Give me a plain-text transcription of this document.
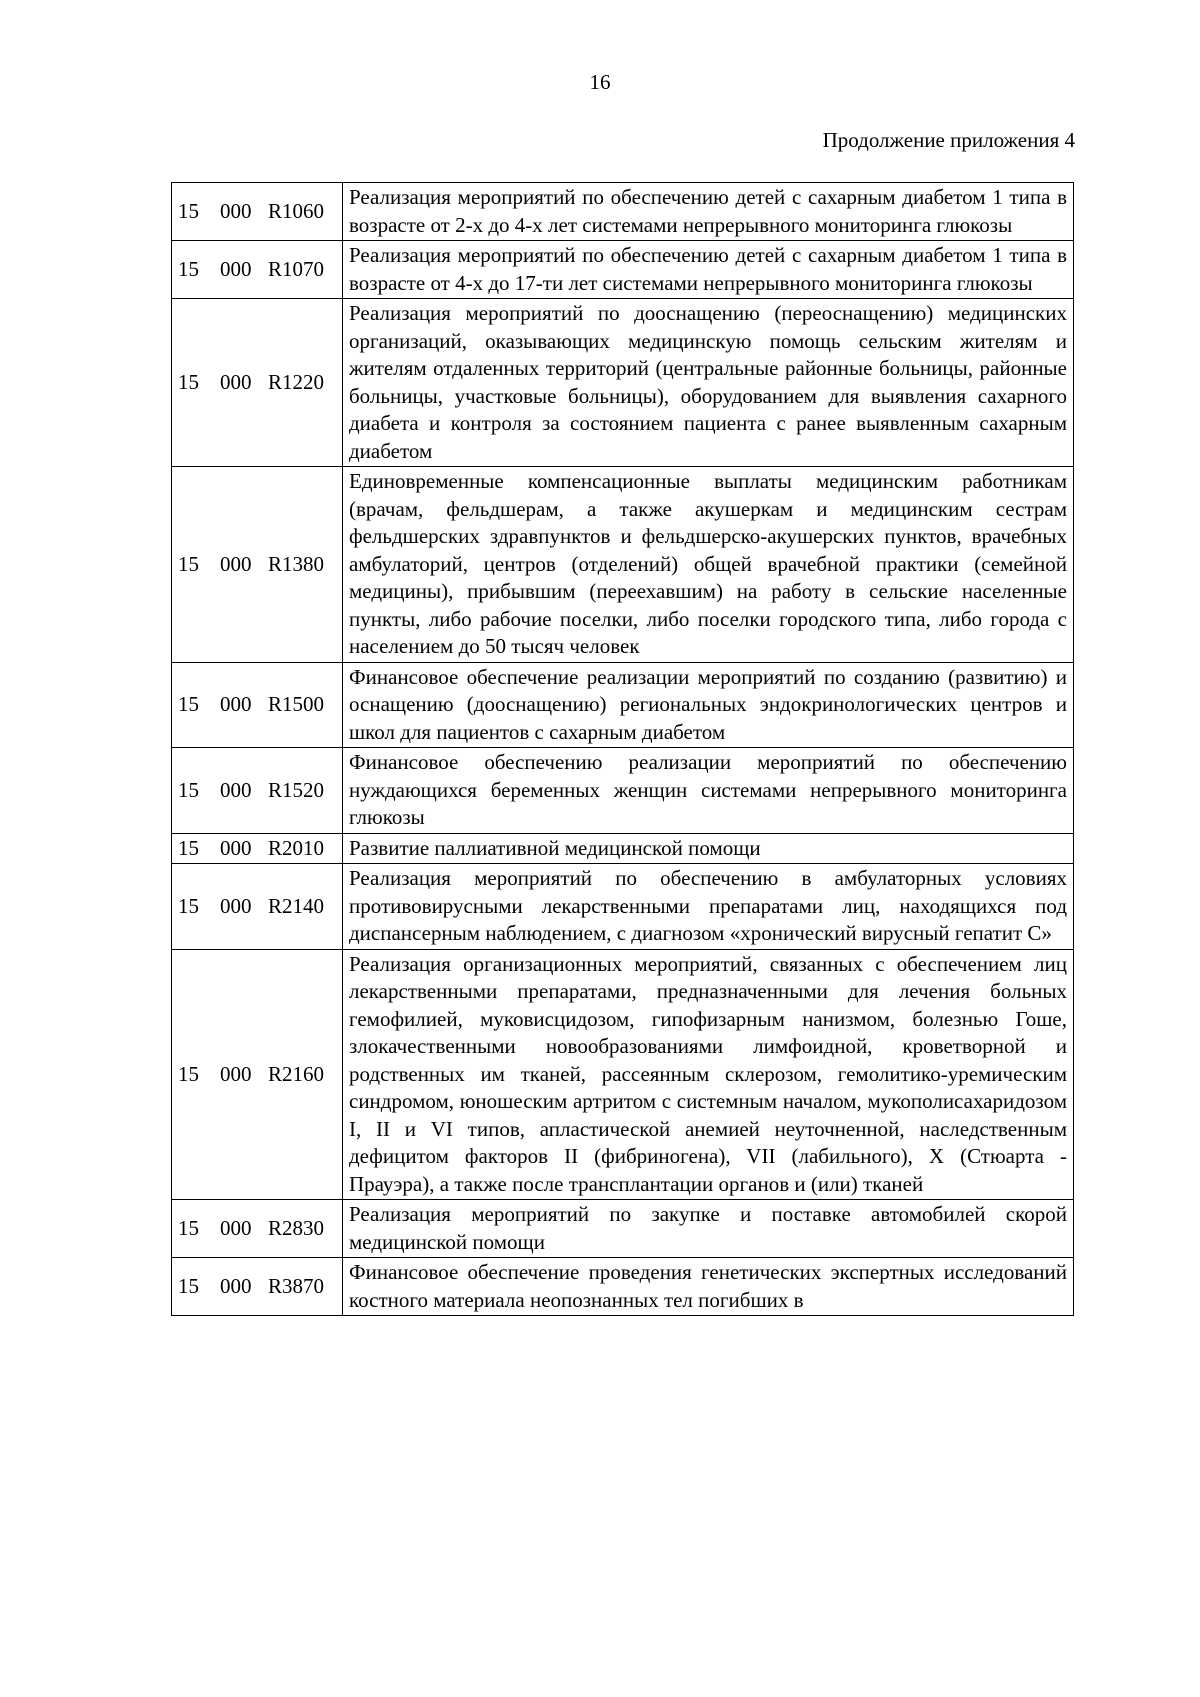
16
Продолжение приложения 4
15 000 R1060	Реализация мероприятий по обеспечению детей с сахарным диабетом 1 типа в возрасте от 2-х до 4-х лет системами непрерывного мониторинга глюкозы
15 000 R1070	Реализация мероприятий по обеспечению детей с сахарным диабетом 1 типа в возрасте от 4-х до 17-ти лет системами непрерывного мониторинга глюкозы
15 000 R1220	Реализация мероприятий по дооснащению (переоснащению) медицинских организаций, оказывающих медицинскую помощь сельским жителям и жителям отдаленных территорий (центральные районные больницы, районные больницы, участковые больницы), оборудованием для выявления сахарного диабета и контроля за состоянием пациента с ранее выявленным сахарным диабетом
15 000 R1380	Единовременные компенсационные выплаты медицинским работникам (врачам, фельдшерам, а также акушеркам и медицинским сестрам фельдшерских здравпунктов и фельдшерско-акушерских пунктов, врачебных амбулаторий, центров (отделений) общей врачебной практики (семейной медицины), прибывшим (переехавшим) на работу в сельские населенные пункты, либо рабочие поселки, либо поселки городского типа, либо города с населением до 50 тысяч человек
15 000 R1500	Финансовое обеспечение реализации мероприятий по созданию (развитию) и оснащению (дооснащению) региональных эндокринологических центров и школ для пациентов с сахарным диабетом
15 000 R1520	Финансовое обеспечению реализации мероприятий по обеспечению нуждающихся беременных женщин системами непрерывного мониторинга глюкозы
15 000 R2010	Развитие паллиативной медицинской помощи
15 000 R2140	Реализация мероприятий по обеспечению в амбулаторных условиях противовирусными лекарственными препаратами лиц, находящихся под диспансерным наблюдением, с диагнозом «хронический вирусный гепатит С»
15 000 R2160	Реализация организационных мероприятий, связанных с обеспечением лиц лекарственными препаратами, предназначенными для лечения больных гемофилией, муковисцидозом, гипофизарным нанизмом, болезнью Гоше, злокачественными новообразованиями лимфоидной, кроветворной и родственных им тканей, рассеянным склерозом, гемолитико-уремическим синдромом, юношеским артритом с системным началом, мукополисахаридозом I, II и VI типов, апластической анемией неуточненной, наследственным дефицитом факторов II (фибриногена), VII (лабильного), X (Стюарта - Прауэра), а также после трансплантации органов и (или) тканей
15 000 R2830	Реализация мероприятий по закупке и поставке автомобилей скорой медицинской помощи
15 000 R3870	Финансовое обеспечение проведения генетических экспертных исследований костного материала неопознанных тел погибших в
